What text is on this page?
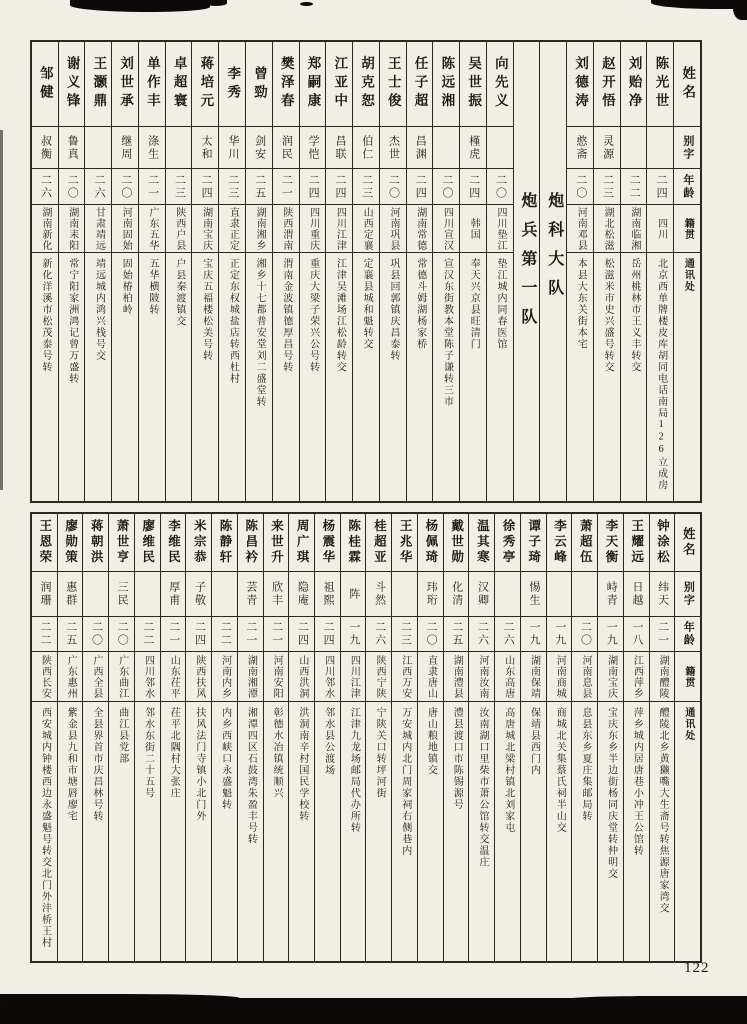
姓名
别字
年龄
籍贯
通讯处
陈光世
二四
四川
北京西单牌楼皮库胡同电话南局126立成房
刘贻净
二二
湖南临湘
岳州桃林市王义丰转交
赵开悟
灵源
二三
湖北松滋
松滋米市史兴盛号转交
刘德涛
憨斋
二〇
河南邓县
本县大东关街本宅
炮科大队
炮兵第一队
向先义
二〇
四川垫江
垫江城内同春医馆
吴世振
槿虎
二四
韩国
奉天兴京县旺清门
陈远湘
二〇
四川宣汉
宣汉东街教本堂陈子谦转三市
任子超
昌渊
二四
湖南常德
常德斗姆湖杨家桥
王士俊
杰世
二〇
河南巩县
巩县回郭镇庆昌泰转
胡克恕
伯仁
二三
山西定襄
定襄县城和魁转交
江亚中
昌联
二四
四川江津
江津吴滩场江松龄转交
郑嗣康
学恺
二四
四川重庆
重庆大梁子荣兴公号转
樊泽春
润民
二一
陕西渭南
渭南金波镇德厚昌号转
曾勁
剑安
二五
湖南湘乡
湘乡十七都普安堂刘二盛堂转
李秀
华川
二三
直隶正定
正定东权城盐店转西杜村
蒋培元
太和
二四
湖南宝庆
宝庆五福楼松美号转
卓超寰
二三
陕西户县
户县秦渡镇交
单作丰
涤生
二一
广东五华
五华横陂转
刘世承
继周
二〇
河南固始
固始椿柏岭
王灏鼎
二六
甘肃靖远
靖远城内鸿兴栈号交
谢义锋
鲁真
二〇
湖南耒阳
常宁阳家洲鸿记曾万盛转
邹健
叔衡
二六
湖南新化
新化洋溪市松茂泰号转
姓名
别字
年龄
籍贯
通讯处
钟涂松
纬天
二一
湖南醴陵
醴陵北乡黄獭嘴大生斋号转焦源唐家湾交
王耀远
日越
一八
江西萍乡
萍乡城内居唐巷小冲王公馆转
李天衡
峙青
一九
湖南宝庆
宝庆东乡半边街杨同庆堂转仲明交
萧超伍
二〇
河南息县
息县东乡夏庄集邮局转
李云峰
一九
河南商城
商城北关集蔡氏祠半山交
谭子琦
惕生
一九
湖南保靖
保靖县西门内
徐秀亭
二六
山东高唐
高唐城北梁村镇北刘家屯
温其寒
汉卿
二六
河南汝南
汝南湖口里柴市萧公馆转交温庄
戴世勋
化清
二五
湖南澧县
澧县渡口市陈锡源号
杨佩琦
玮珩
二〇
直隶唐山
唐山粮地镇交
王兆华
二三
江西万安
万安城内北门周家祠右侧巷内
桂超亚
斗然
二六
陕西宁陕
宁陕关口转坪河街
陈桂霖
阵
一九
四川江津
江津九龙场邮局代办所转
杨震华
祖熙
二四
四川邻水
邻水县公渡场
周广琪
隐庵
二四
山西洪洞
洪洞南辛村国民学校转
来世升
欣丰
二一
河南安阳
彰德水冶镇统顺兴
陈昌衿
芸青
二一
湖南湘潭
湘潭四区石鼓湾朱盈丰号转
陈静轩
二二
河南内乡
内乡西峡口永盛魁转
米宗恭
子敬
二四
陕西扶风
扶风法门寺镇小北门外
李维民
厚甫
二一
山东茌平
茌平北隅村大张庄
廖维民
二二
四川邻水
邻水东街二十五号
萧世亨
三民
二〇
广东曲江
曲江县党部
蒋朝洪
二〇
广西全县
全县界首市庆昌林号转
廖勋策
惠群
二五
广东惠州
紫金县九和市塘唇廖宅
王恩荣
润珊
二二
陕西长安
西安城内钟楼西边永盛魁号转交北门外沣桥王村
122
